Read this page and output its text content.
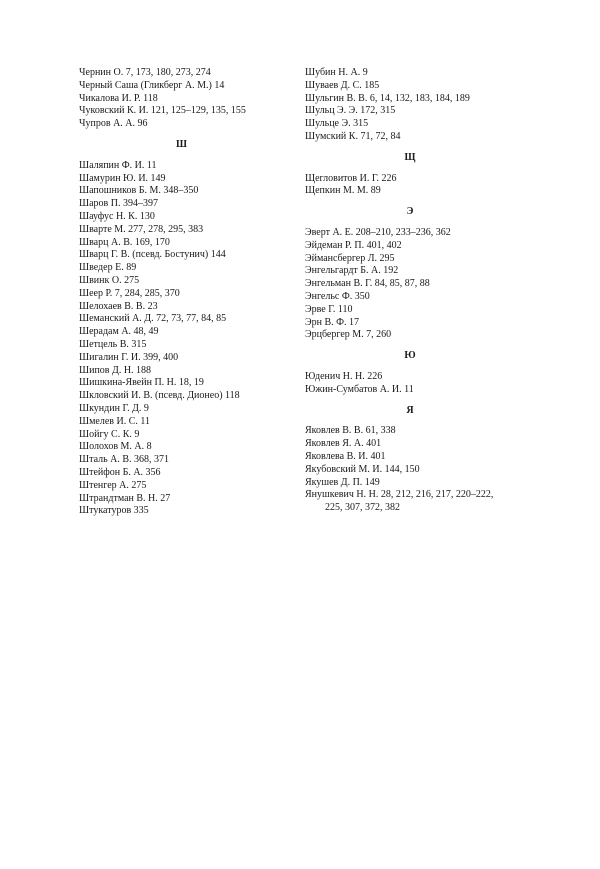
Чернин О. 7, 173, 180, 273, 274

Черный Саша (Гликберг А. М.) 14

Чикалова И. Р. 118

Чуковский К. И. 121, 125–129, 135, 155

Чупров А. А. 96

Ш

Шаляпин Ф. И. 11

Шамурин Ю. И. 149

Шапошников Б. М. 348–350

Шаров П. 394–397

Шауфус Н. К. 130

Шварте М. 277, 278, 295, 383

Шварц А. В. 169, 170

Шварц Г. В. (псевд. Бостунич) 144

Шведер Е. 89

Швинк О. 275

Шеер Р. 7, 284, 285, 370

Шелохаев В. В. 23

Шеманский А. Д. 72, 73, 77, 84, 85

Шерадам А. 48, 49

Шетцель В. 315

Шигалин Г. И. 399, 400

Шипов Д. Н. 188

Шишкина-Явейн П. Н. 18, 19

Шкловский И. В. (псевд. Дионео) 118

Шкундин Г. Д. 9

Шмелев И. С. 11

Шойгу С. К. 9

Шолохов М. А. 8

Шталь А. В. 368, 371

Штейфон Б. А. 356

Штенгер А. 275

Штрандтман В. Н. 27

Штукатуров 335

Шубин Н. А. 9

Шуваев Д. С. 185

Шульгин В. В. 6, 14, 132, 183, 184, 189

Шульц Э. Э. 172, 315

Шульце Э. 315

Шумский К. 71, 72, 84

Щ

Щегловитов И. Г. 226

Щепкин М. М. 89

Э

Эверт А. Е. 208–210, 233–236, 362

Эйдеман Р. П. 401, 402

Эйманcбергер Л. 295

Энгельгардт Б. А. 192

Энгельман В. Г. 84, 85, 87, 88

Энгельс Ф. 350

Эрве Г. 110

Эрн В. Ф. 17

Эрцбергер М. 7, 260

Ю

Юденич Н. Н. 226

Южин-Сумбатов А. И. 11

Я

Яковлев В. В. 61, 338

Яковлев Я. А. 401

Яковлева В. И. 401

Якубовский М. И. 144, 150

Якушев Д. П. 149

Янушкевич Н. Н. 28, 212, 216, 217, 220–222,
225, 307, 372, 382
